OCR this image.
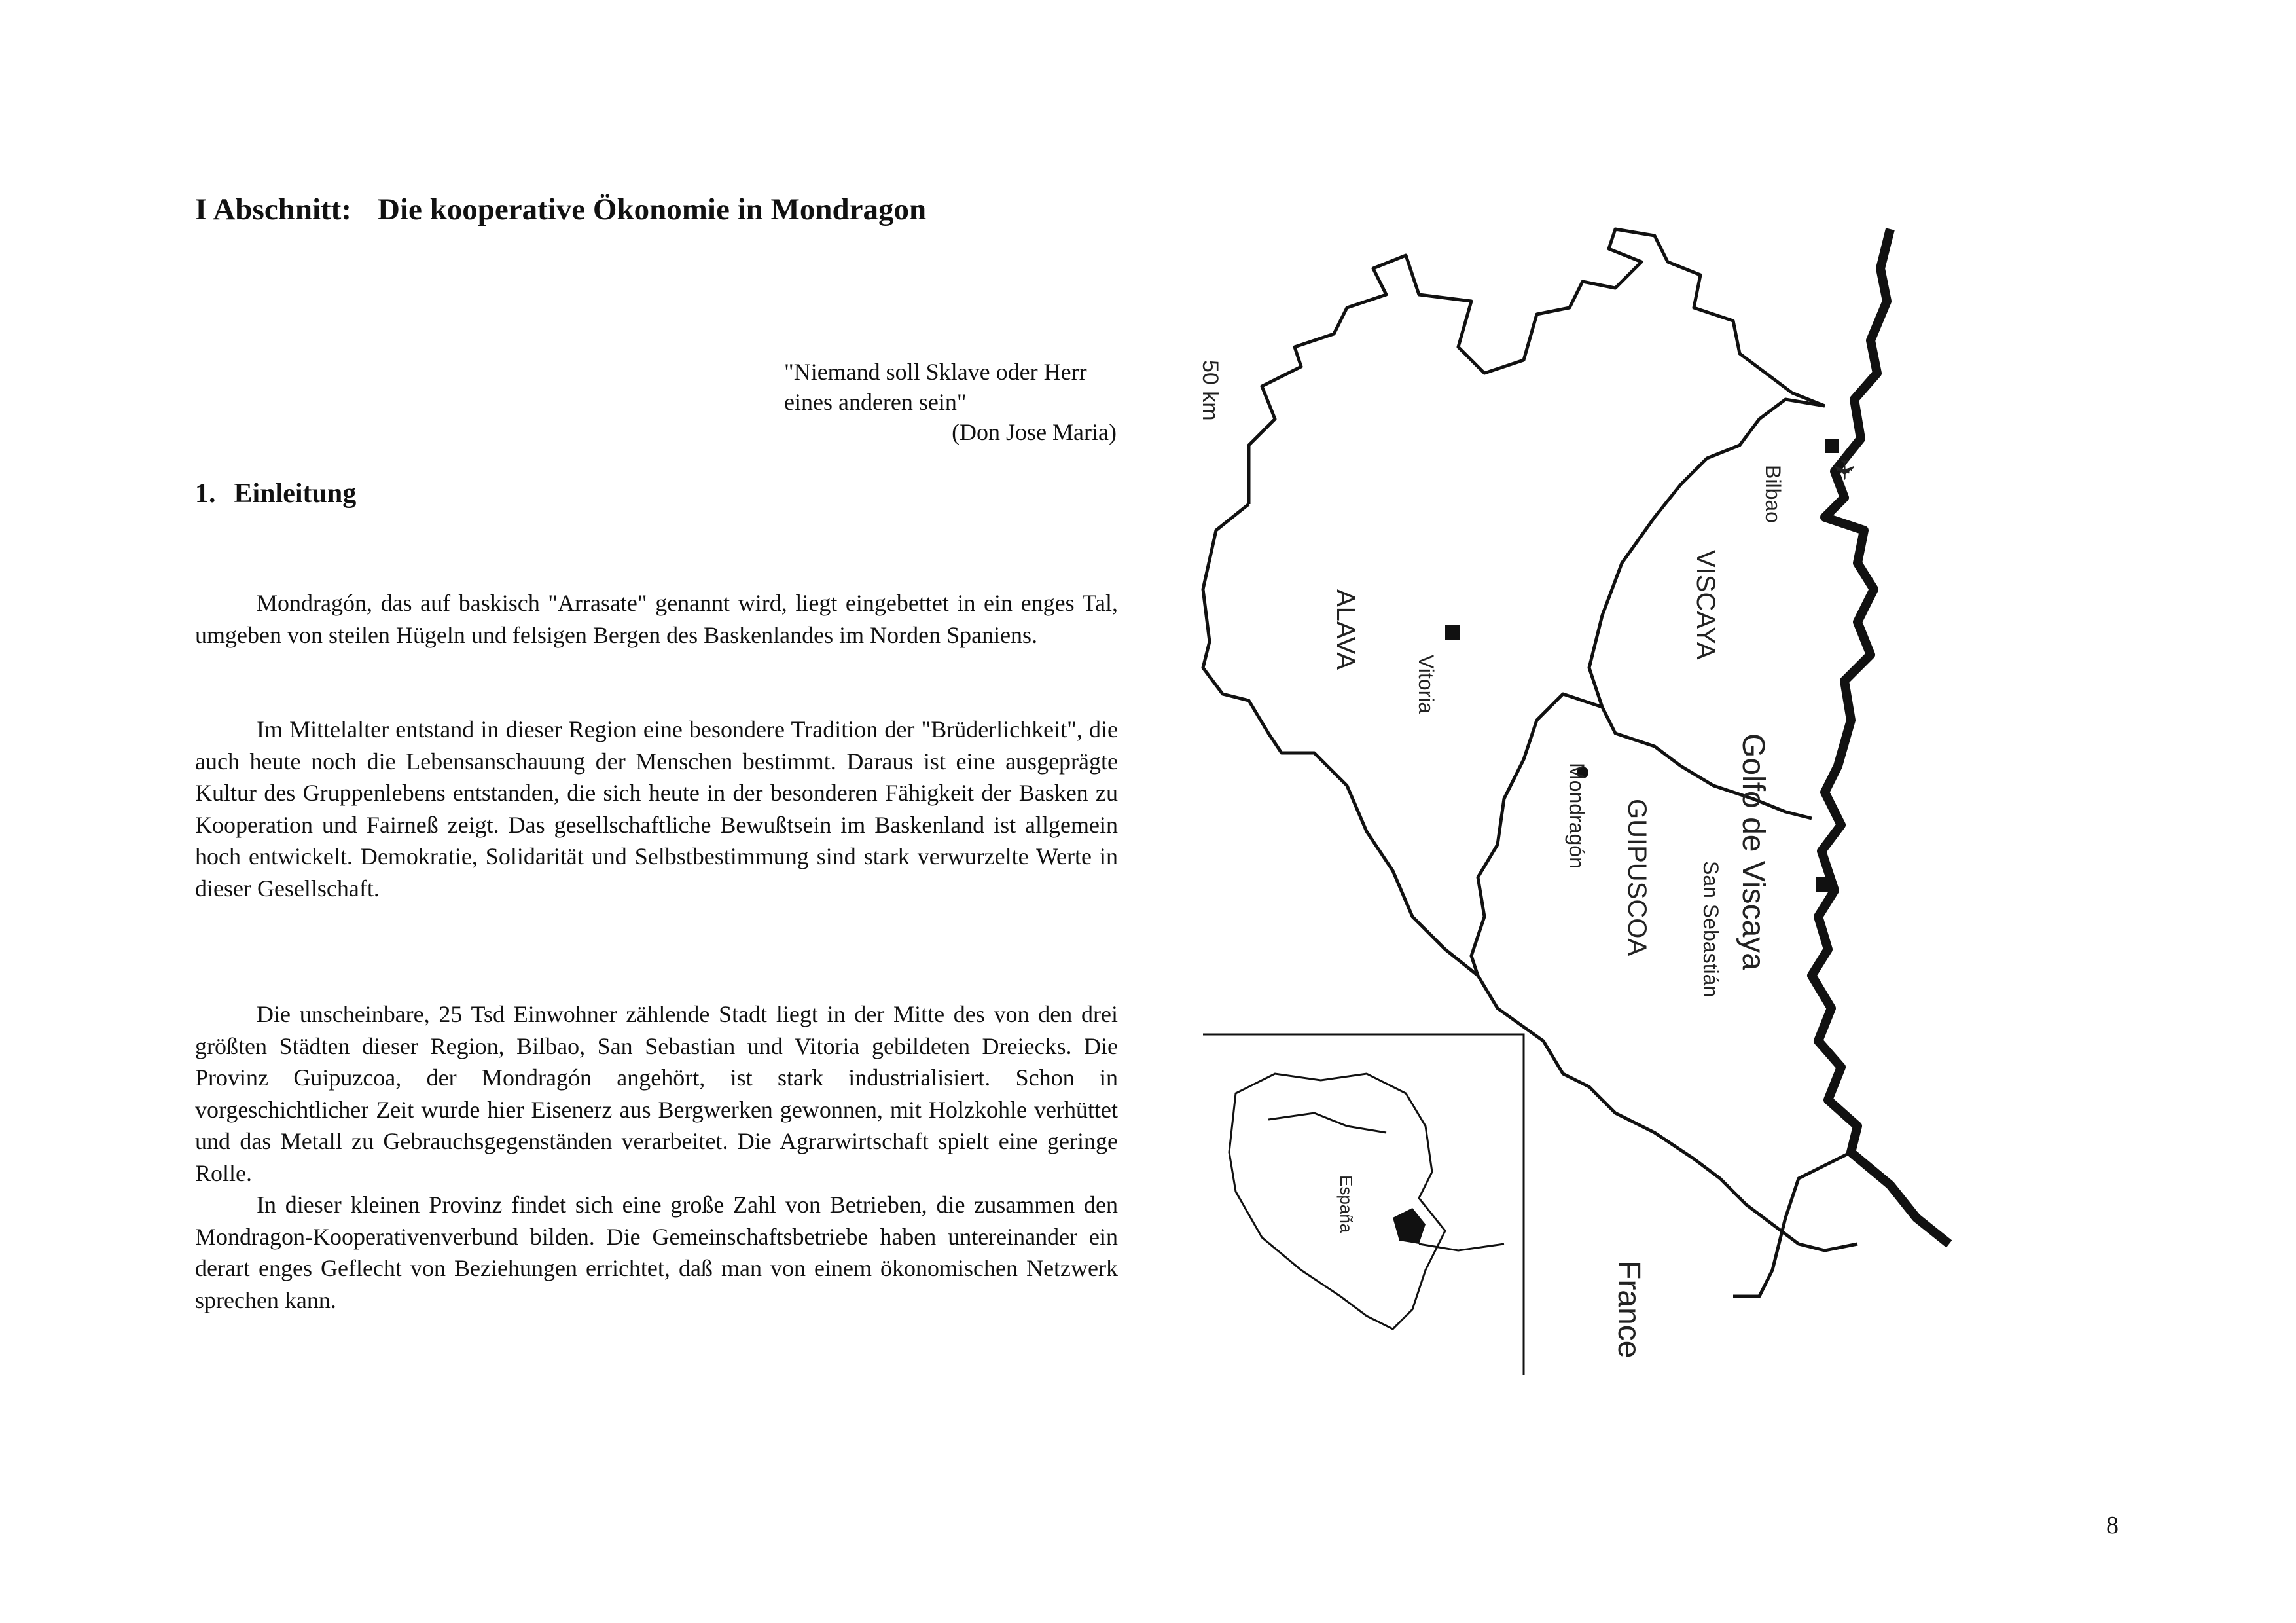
I Abschnitt: Die kooperative Ökonomie in Mondragon
"Niemand soll Sklave oder Herr
eines anderen sein"
(Don Jose Maria)
1. Einleitung

Mondragón, das auf baskisch "Arrasate" genannt wird, liegt eingebettet in ein enges Tal, umgeben von steilen Hügeln und felsigen Bergen des Baskenlandes im Norden Spaniens.

Im Mittelalter entstand in dieser Region eine besondere Tradition der "Brüderlichkeit", die auch heute noch die Lebensanschauung der Menschen bestimmt. Daraus ist eine ausgeprägte Kultur des Gruppenlebens entstanden, die sich heute in der besonderen Fähigkeit der Basken zu Kooperation und Fairneß zeigt. Das gesellschaftliche Bewußtsein im Baskenland ist allgemein hoch entwickelt. Demokratie, Solidarität und Selbstbestimmung sind stark verwurzelte Werte in dieser Gesellschaft.

Die unscheinbare, 25 Tsd Einwohner zählende Stadt liegt in der Mitte des von den drei größten Städten dieser Region, Bilbao, San Sebastian und Vitoria gebildeten Dreiecks. Die Provinz Guipuzcoa, der Mondragón angehört, ist stark industrialisiert. Schon in vorgeschichtlicher Zeit wurde hier Eisenerz aus Bergwerken gewonnen, mit Holzkohle verhüttet und das Metall zu Gebrauchsgegenständen verarbeitet. Die Agrarwirtschaft spielt eine geringe Rolle.

In dieser kleinen Provinz findet sich eine große Zahl von Betrieben, die zusammen den Mondragon-Kooperativenverbund bilden. Die Gemeinschaftsbetriebe haben untereinander ein derart enges Geflecht von Beziehungen errichtet, daß man von einem ökonomischen Netzwerk sprechen kann.

✈
50 km
ALAVA	VISCAYA
GUIPUSCOA
Bilbao
Vitoria
Mondragón
San Sebastián Golfo de Viscaya
France
España
8
